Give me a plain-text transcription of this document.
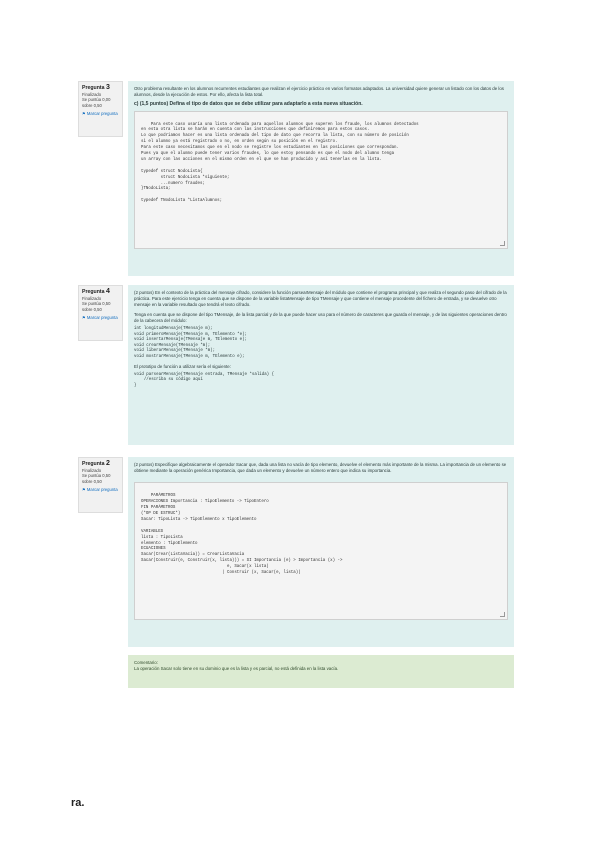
Pregunta 3
Finalizado
Se puntúa 0,00 sobre 0,50
⚑ Marcar pregunta

Otro problema resultante en los alumnos recurrentes estudiantes que realizan el ejercicio práctico en varios formatos adaptados. La universidad quiere generar un listado con los datos de los alumnos, desde la ejecución de estos. Por ello, afecta la lista total.

c) (1,5 puntos) Defina el tipo de datos que se debe utilizar para adaptarlo a esta nueva situación.

Para este caso usaría una lista ordenada para aquellos alumnos que superen los fraude, los alumnos detectados
en esta otra lista se harán en cuenta con las instrucciones que definiremos para estos casos.
Lo que podríamos hacer es una lista ordenada del tipo de dato que recorra la lista, con su número de posición
si el alumno ya está registrado o no, en orden según su posición en el registro.
Para este caso necesitamos que en el nodo se registre los estudiantes en las posiciones que correspondan.
Pues ya que el alumno puede tener varios fraudes, lo que estoy pensando es que el nodo del alumno tenga
un array con las acciones en el mismo orden en el que se han producido y así tenerlas en la lista.

typedef struct NodoLista{
struct NodoLista *siguiente;
...numero fraudes;
}TNodoLista;

typedef TNodoLista *ListaAlumnos;

Pregunta 4
Finalizado
Se puntúa 0,50 sobre 0,50
⚑ Marcar pregunta

(2 puntos) En el contexto de la práctica del mensaje cifrado, considere la función parsearMensaje del módulo que contiene el programa principal y que realiza el segundo paso del cifrado de la práctica. Para este ejercicio tenga en cuenta que se dispone de la variable listaMensaje de tipo TMensaje y que contiene el mensaje procedente del fichero de entrada, y se devuelve otro mensaje en la variable resultado que tendrá el texto cifrado.

Tenga en cuenta que se dispone del tipo TMensaje, de la lista parcial y de la que puede hacer uso para el número de caracteres que guarda el mensaje, y de las siguientes operaciones dentro de la cabecera del módulo:

int longitudMensaje(TMensaje m);
void primeroMensaje(TMensaje m, TElemento *e);
void insertarMensaje(TMensaje m, TElemento e);
void crearMensaje(TMensaje *m);
void liberarMensaje(TMensaje *m);
void mostrarMensaje(TMensaje m, TElemento e);

El prototipo de función a utilizar sería el siguiente:

void parsearMensaje(TMensaje entrada, TMensaje *salida) {
//escriba su código aquí
}
Pregunta 2
Finalizado
Se puntúa 0,50 sobre 0,50
⚑ Marcar pregunta

(2 puntos) Especifique algebraicamente el operador Sacar que, dada una lista no vacía de tipo elemento, devuelve el elemento más importante de la misma. La importancia de un elemento se obtiene mediante la operación genérica Importancia, que dada un elemento y devuelve un número entero que indica su importancia.

PARÁMETROS
OPERACIONES Importancia : TipoElemento -> TipoEntero
FIN PARÁMETROS
(*OP DE ESTRUC*)
Sacar: TipoLista -> TipoElemento x TipoElemento

VARIABLES
lista : TipoLista
elemento : TipoElemento
ECUACIONES
Sacar(Crear(ListaVacia)) = CrearListaVacia
Sacar(Construir(e, Construir(x, lista))) = SI Importancia (e) > Importancia (x) ->
e, Sacar(x lista)
| Construir (x, Sacar(e, lista))

Comentario:
La operación Sacar solo tiene en su dominio que es la lista y es parcial, no está definida en la lista vacía.
ra.
